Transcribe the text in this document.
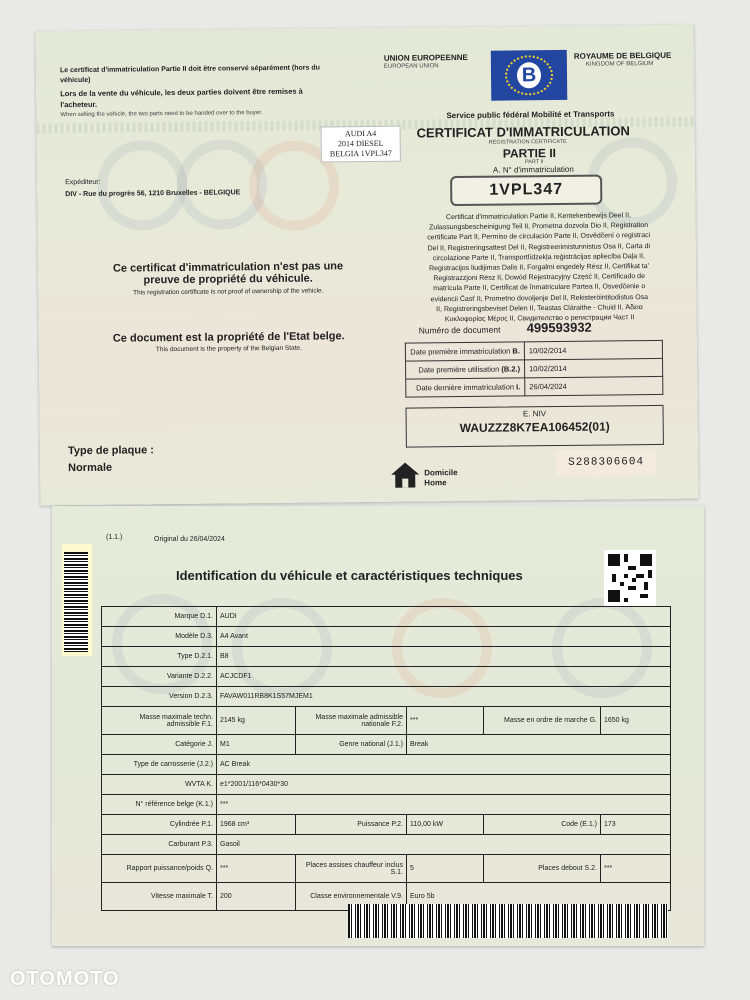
Le certificat d'immatriculation Partie II doit être conservé séparément (hors du
véhicule)
Lors de la vente du véhicule, les deux parties doivent être remises à
l'acheteur.
When selling the vehicle, the two parts need to be handed over to the buyer.
UNION EUROPEENNE
EUROPEAN UNION	B
ROYAUME DE BELGIQUE
KINGDOM OF BELGIUM
Service public fédéral Mobilité et Transports
AUDI A4
2014 DIESEL
BELGIA 1VPL347
CERTIFICAT D'IMMATRICULATION
REGISTRATION CERTIFICATE
PARTIE II
PART II
A. N° d'immatriculation
1VPL347
Expéditeur:
DIV - Rue du progrès 56, 1210 Bruxelles - BELGIQUE
Certificat d'immatriculation Partie II, Kentekenbewijs Deel II,
Zulassungsbescheinigung Teil II, Prometna dozvola Dio II, Registration
certificate Part II, Permiso de circulación Parte II, Osvědčení o registraci
Del II, Registreringsattest Del II, Registreerimistunnistus Osa II, Carta di
circolazione Parte II, Transportlīdzekļa reģistrācijas apliecība Daļa II,
Registracijos liudijimas Dalis II, Forgalmi engedély Rész II, Certifikat ta'
Registrazzjoni Rész II, Dowód Rejestracyjny Część II, Certificado de
matrícula Parte II, Certificat de înmatriculare Partea II, Osvedčenie o
evidencii Časť II, Prometno dovoljenje Del II, Rekisteröintitodistus Osa
II, Registreringsbeviset Delen II, Teastas Cláraithe - Chuid II, Άδεια
Κυκλοφορίας Μέρος II, Свидетелство о регистрации Част II
Ce certificat d'immatriculation n'est pas une
preuve de propriété du véhicule.
This registration certificate is not proof of ownership of the vehicle.
Ce document est la propriété de l'Etat belge.
This document is the property of the Belgian State.
Numéro de document 499593932
Date première immatriculation B.	10/02/2014
Date première utilisation (B.2.)	10/02/2014
Date dernière immatriculation I.	26/04/2024
E. NIV
WAUZZZ8K7EA106452(01)
Type de plaque :
Normale	Domicile
Home
S288306604
(1.1.)	Original du 26/04/2024
Identification du véhicule et caractéristiques techniques
Marque D.1.	AUDI				
Modèle D.3.	A4 Avant				
Type D.2.1.	B8				
Variante D.2.2.	ACJCDF1				
Version D.2.3.	FAVAW011RB8K1S57MJEM1				
Masse maximale techn. admissible F.1.	2145 kg	Masse maximale admissible nationale F.2.	***	Masse en ordre de marche G.	1650 kg
Catégorie J.	M1	Genre national (J.1.)	Break		
Type de carrosserie (J.2.)	AC Break				
WVTA K.	e1*2001/116*0430*30				
N° référence belge (K.1.)	***				
Cylindrée P.1.	1968 cm³	Puissance P.2.	110,00 kW	Code (E.1.)	173
Carburant P.3.	Gasoil				
Rapport puissance/poids Q.	***	Places assises chauffeur inclus S.1.	5	Places debout S.2.	***
Vitesse maximale T.	200	Classe environnementale V.9.	Euro 5b		
OTOMOTO
